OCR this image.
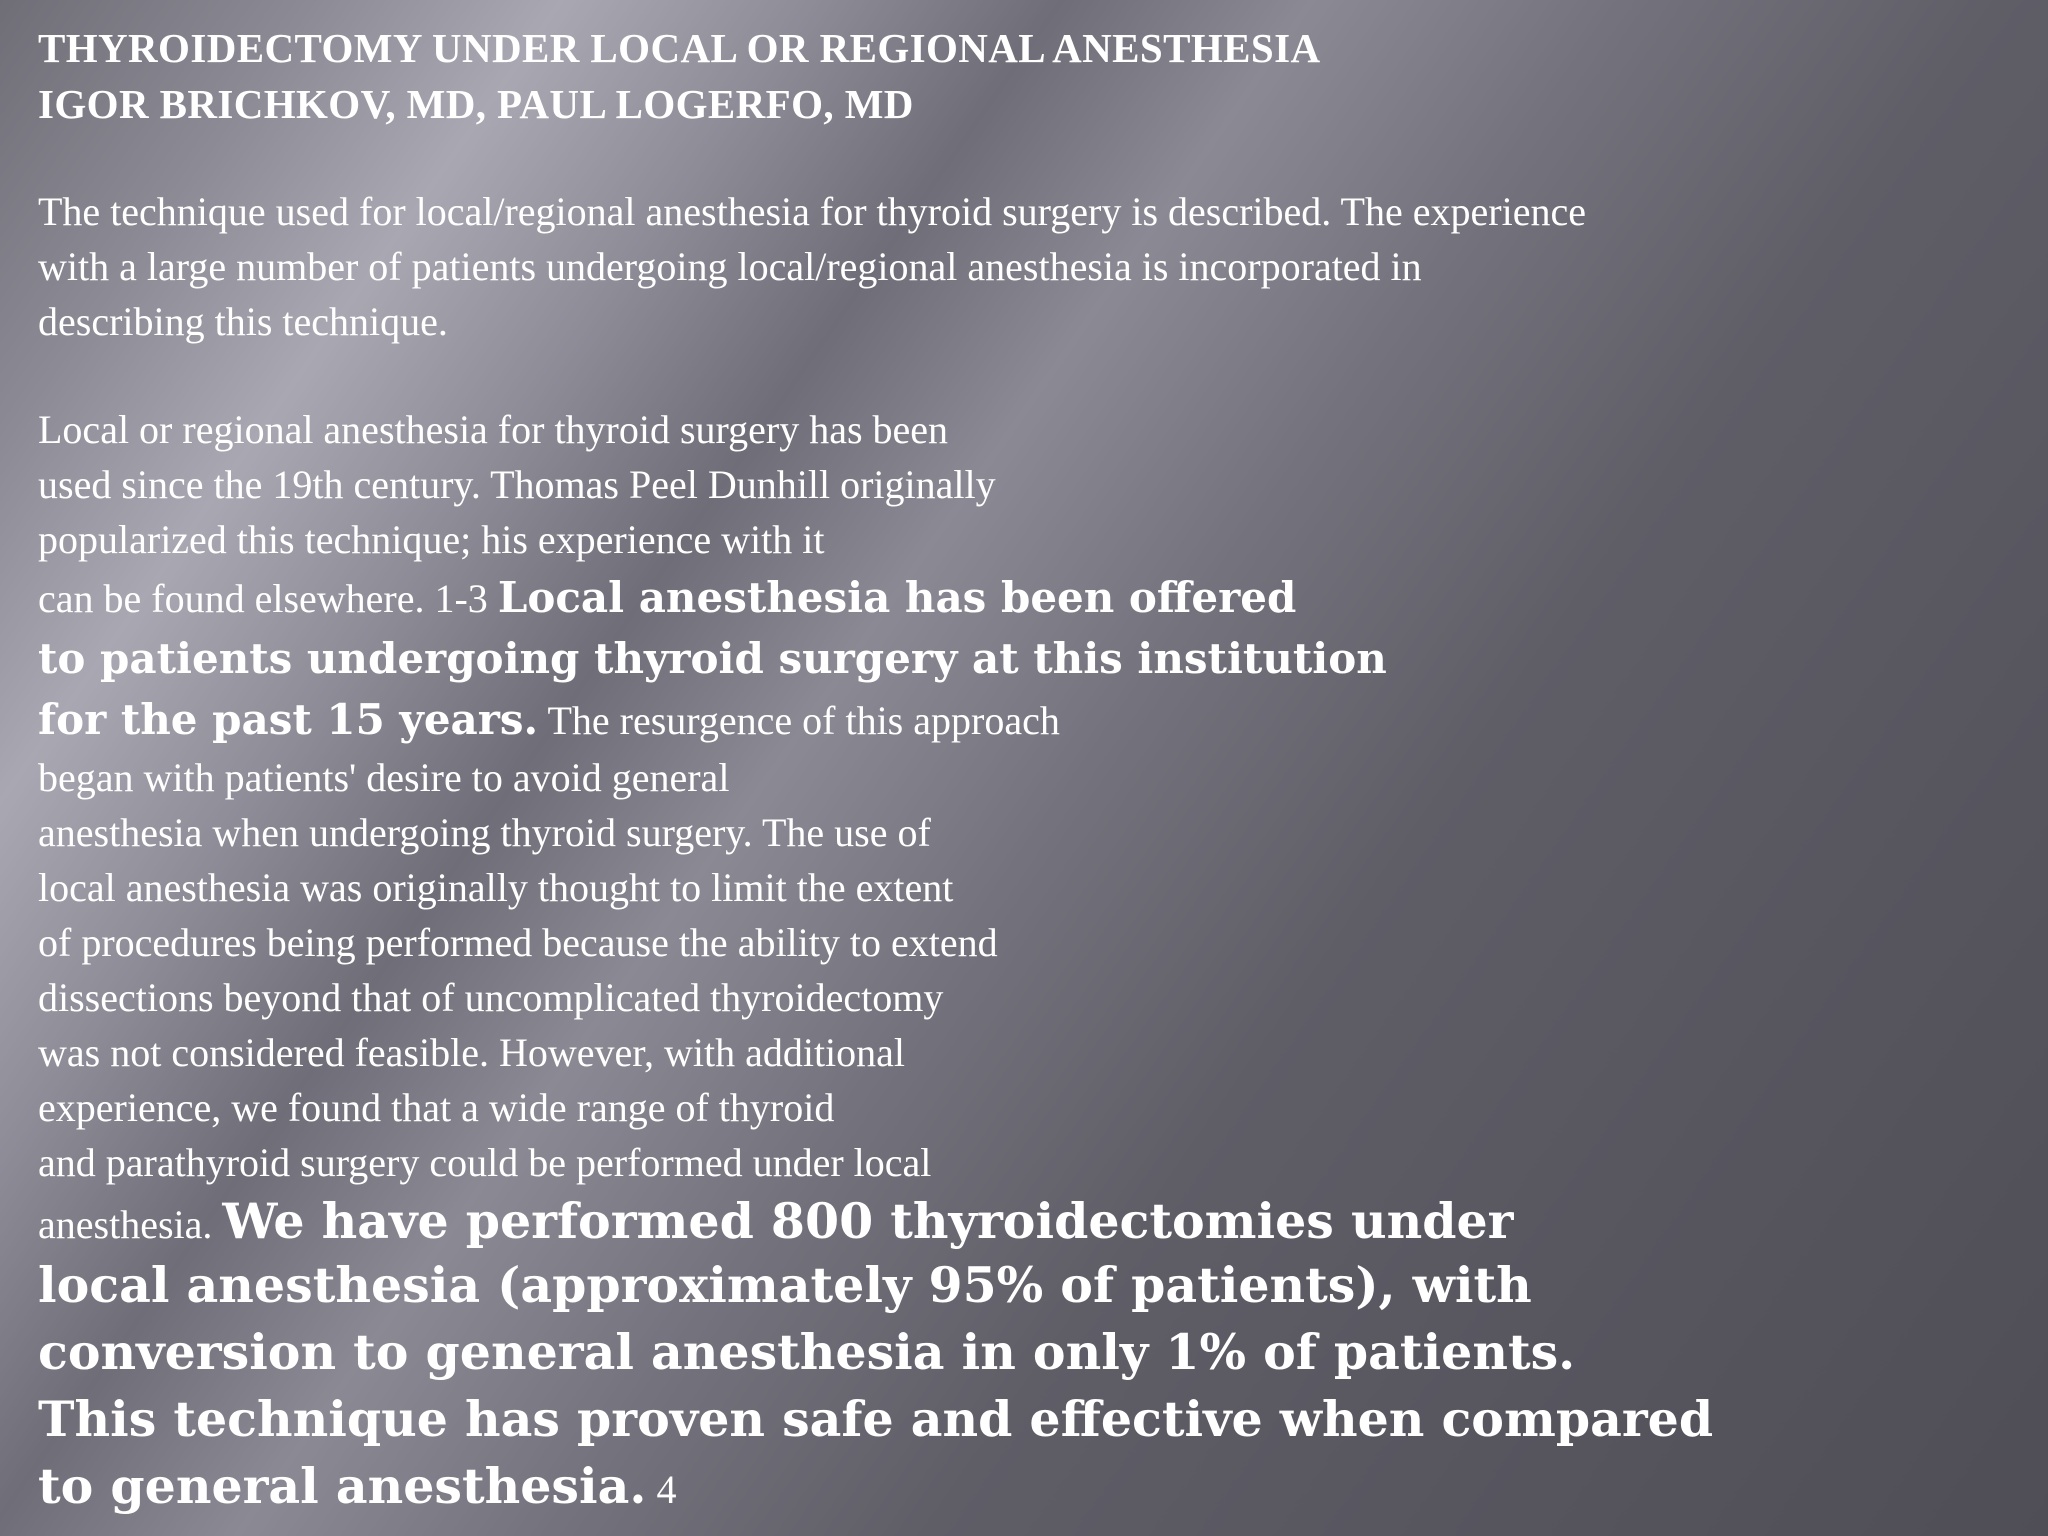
THYROIDECTOMY UNDER LOCAL OR REGIONAL ANESTHESIA
IGOR BRICHKOV, MD, PAUL LOGERFO, MD
The technique used for local/regional anesthesia for thyroid surgery is described. The experience
with a large number of patients undergoing local/regional anesthesia is incorporated in
describing this technique.
Local or regional anesthesia for thyroid surgery has been
used since the 19th century. Thomas Peel Dunhill originally
popularized this technique; his experience with it
can be found elsewhere. 1-3 Local anesthesia has been offered
to patients undergoing thyroid surgery at this institution
for the past 15 years. The resurgence of this approach
began with patients' desire to avoid general
anesthesia when undergoing thyroid surgery. The use of
local anesthesia was originally thought to limit the extent
of procedures being performed because the ability to extend
dissections beyond that of uncomplicated thyroidectomy
was not considered feasible. However, with additional
experience, we found that a wide range of thyroid
and parathyroid surgery could be performed under local
anesthesia. We have performed 800 thyroidectomies under
local anesthesia (approximately 95% of patients), with
conversion to general anesthesia in only 1% of patients.
This technique has proven safe and effective when compared
to general anesthesia. 4
